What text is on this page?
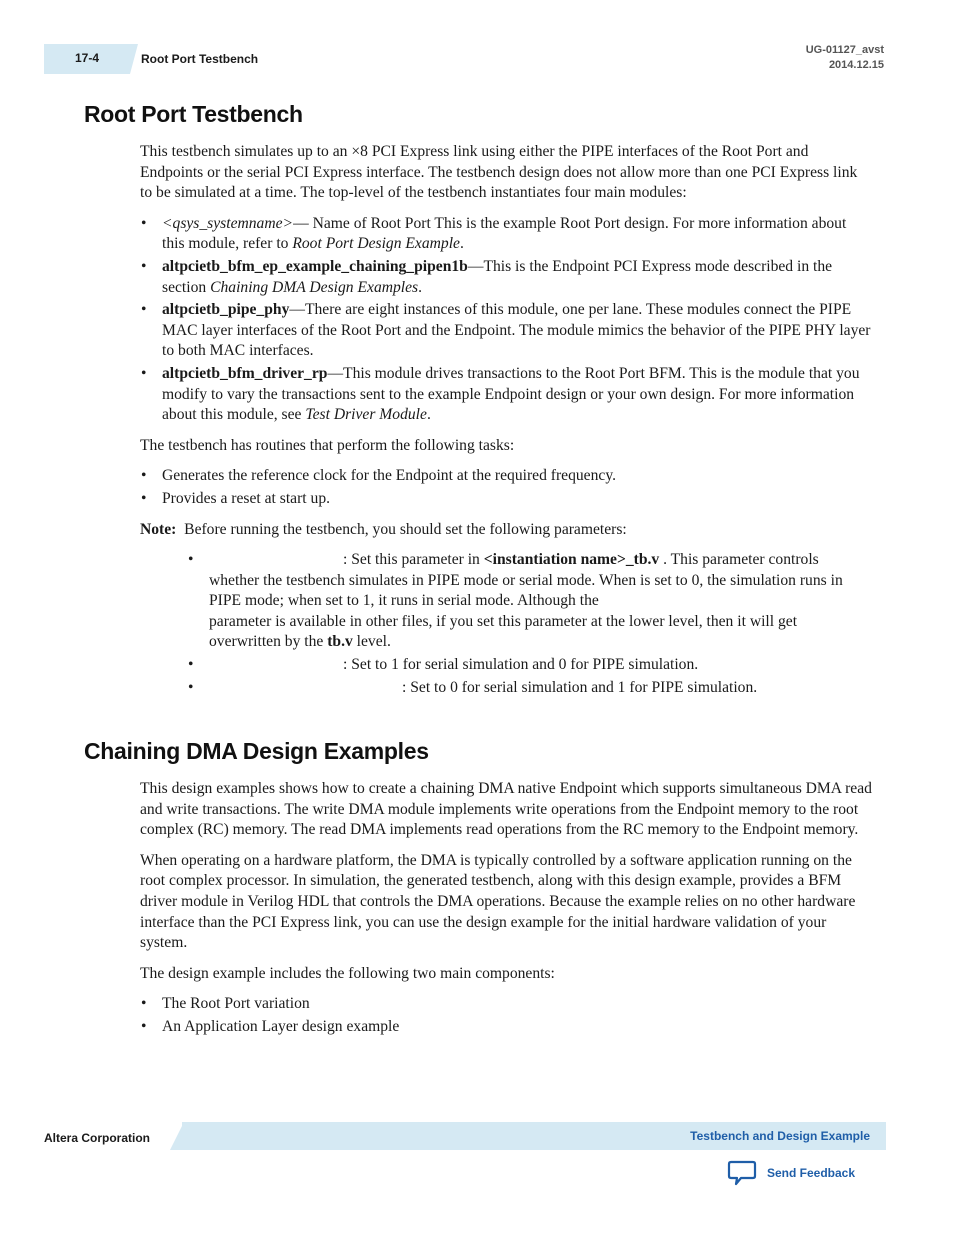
17-4	Root Port Testbench
UG-01127_avst
2014.12.15
Root Port Testbench

This testbench simulates up to an ×8 PCI Express link using either the PIPE interfaces of the Root Port and Endpoints or the serial PCI Express interface. The testbench design does not allow more than one PCI Express link to be simulated at a time. The top-level of the testbench instantiates four main modules:

• <qsys_systemname>— Name of Root Port This is the example Root Port design. For more information about this module, refer to Root Port Design Example.
• altpcietb_bfm_ep_example_chaining_pipen1b—This is the Endpoint PCI Express mode described in the section Chaining DMA Design Examples.
• altpcietb_pipe_phy—There are eight instances of this module, one per lane. These modules connect the PIPE MAC layer interfaces of the Root Port and the Endpoint. The module mimics the behavior of the PIPE PHY layer to both MAC interfaces.
• altpcietb_bfm_driver_rp—This module drives transactions to the Root Port BFM. This is the module that you modify to vary the transactions sent to the example Endpoint design or your own design. For more information about this module, see Test Driver Module.

The testbench has routines that perform the following tasks:

• Generates the reference clock for the Endpoint at the required frequency.
• Provides a reset at start up.

Note: Before running the testbench, you should set the following parameters:

• : Set this parameter in <instantiation name>_tb.v . This parameter controls whether the testbench simulates in PIPE mode or serial mode. When is set to 0, the simulation runs in PIPE mode; when set to 1, it runs in serial mode. Although the
parameter is available in other files, if you set this parameter at the lower level, then it will get overwritten by the tb.v level.
• : Set to 1 for serial simulation and 0 for PIPE simulation.
• : Set to 0 for serial simulation and 1 for PIPE simulation.
Chaining DMA Design Examples

This design examples shows how to create a chaining DMA native Endpoint which supports simultaneous DMA read and write transactions. The write DMA module implements write operations from the Endpoint memory to the root complex (RC) memory. The read DMA implements read operations from the RC memory to the Endpoint memory.

When operating on a hardware platform, the DMA is typically controlled by a software application running on the root complex processor. In simulation, the generated testbench, along with this design example, provides a BFM driver module in Verilog HDL that controls the DMA operations. Because the example relies on no other hardware interface than the PCI Express link, you can use the design example for the initial hardware validation of your system.

The design example includes the following two main components:

• The Root Port variation
• An Application Layer design example
Altera Corporation	Testbench and Design Example
Send Feedback
